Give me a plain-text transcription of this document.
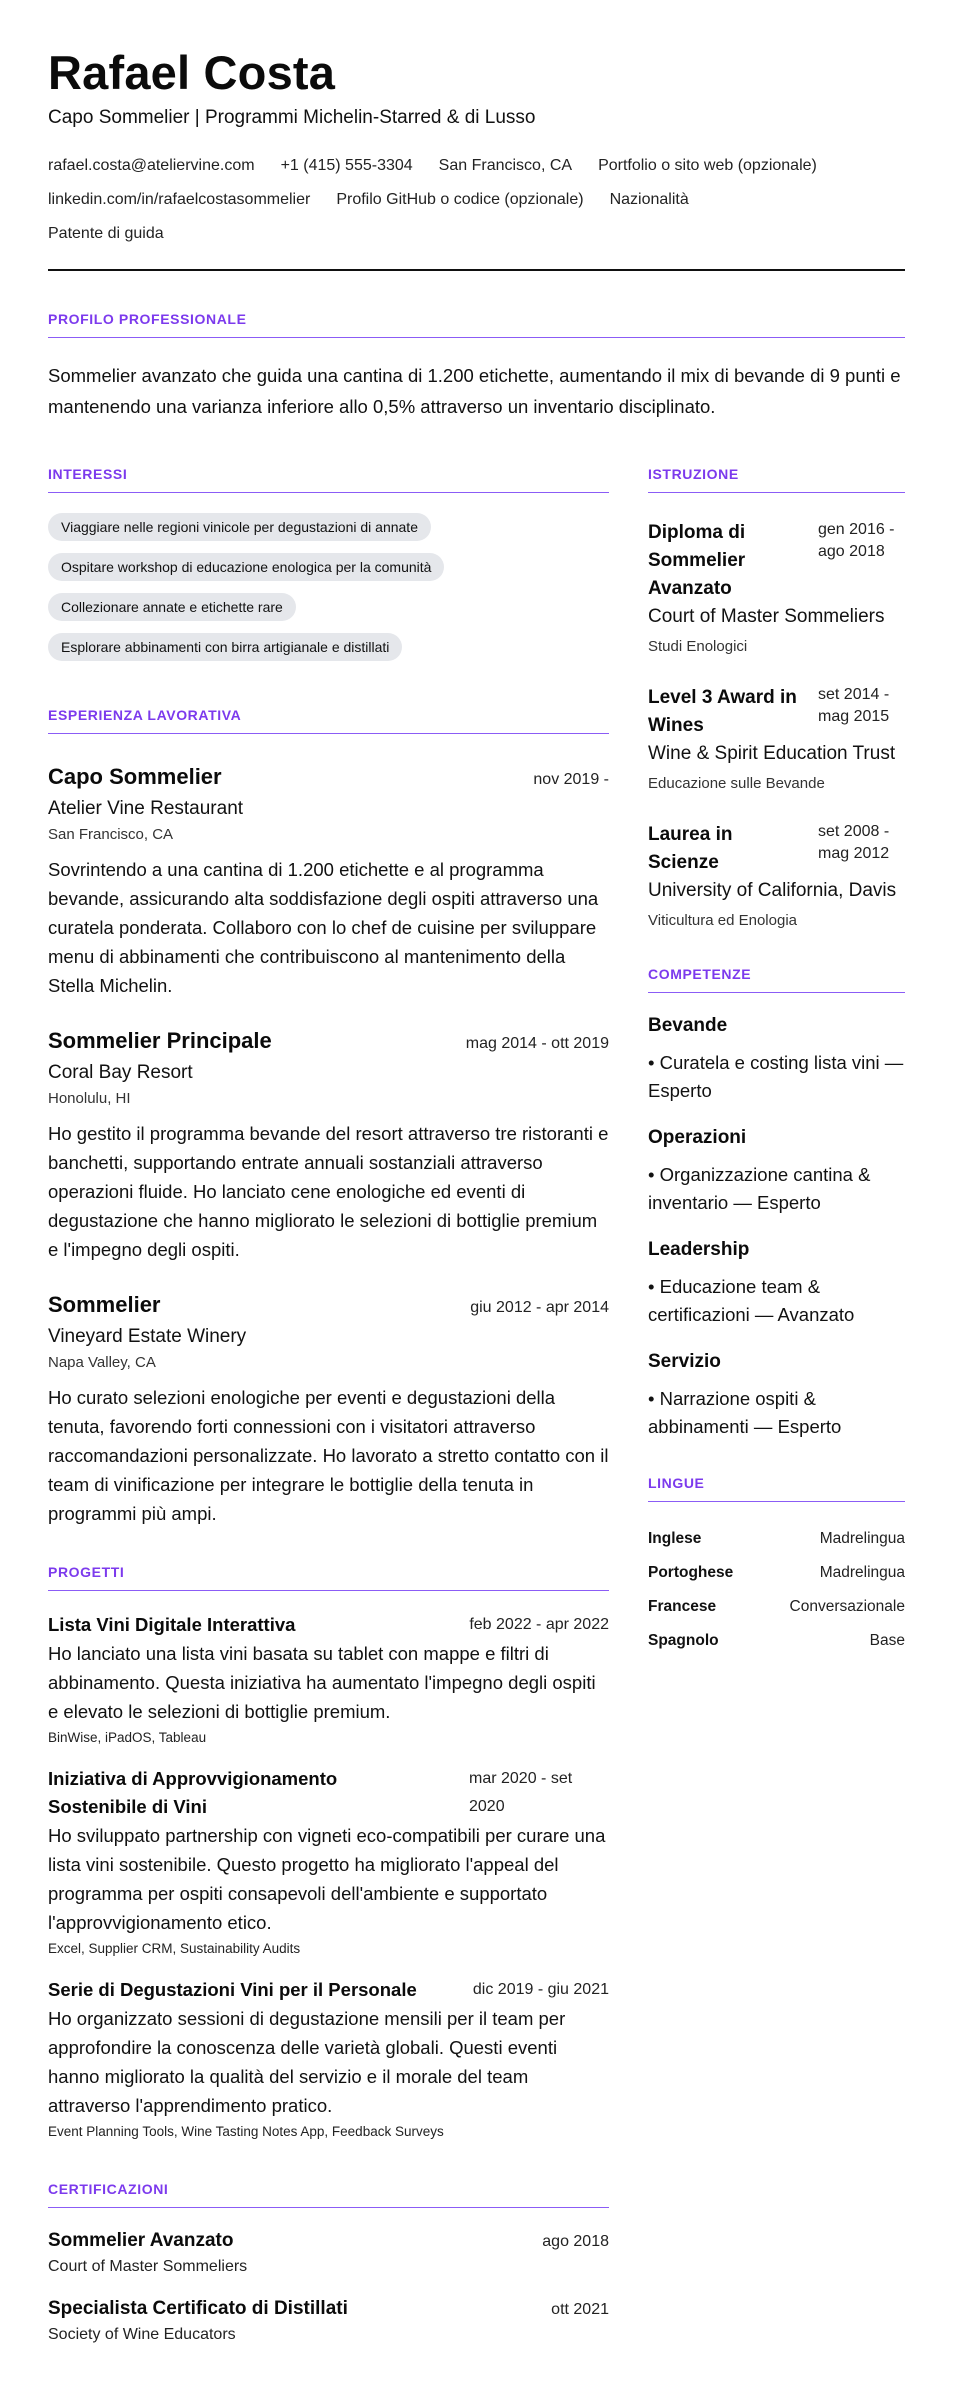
Rafael Costa
Capo Sommelier | Programmi Michelin-Starred & di Lusso
rafael.costa@ateliervine.com +1 (415) 555-3304 San Francisco, CA Portfolio o sito web (opzionale)
linkedin.com/in/rafaelcostasommelier Profilo GitHub o codice (opzionale) Nazionalità
Patente di guida
PROFILO PROFESSIONALE

Sommelier avanzato che guida una cantina di 1.200 etichette, aumentando il mix di bevande di 9 punti e mantenendo una varianza inferiore allo 0,5% attraverso un inventario disciplinato.

INTERESSI
Viaggiare nelle regioni vinicole per degustazioni di annate
Ospitare workshop di educazione enologica per la comunità
Collezionare annate e etichette rare
Esplorare abbinamenti con birra artigianale e distillati
ESPERIENZA LAVORATIVA
Capo Sommelier	nov 2019 -
Atelier Vine Restaurant
San Francisco, CA

Sovrintendo a una cantina di 1.200 etichette e al programma bevande, assicurando alta soddisfazione degli ospiti attraverso una curatela ponderata. Collaboro con lo chef de cuisine per sviluppare menu di abbinamenti che contribuiscono al mantenimento della Stella Michelin.

Sommelier Principale	mag 2014 - ott 2019
Coral Bay Resort
Honolulu, HI

Ho gestito il programma bevande del resort attraverso tre ristoranti e banchetti, supportando entrate annuali sostanziali attraverso operazioni fluide. Ho lanciato cene enologiche ed eventi di degustazione che hanno migliorato le selezioni di bottiglie premium e l'impegno degli ospiti.

Sommelier	giu 2012 - apr 2014
Vineyard Estate Winery
Napa Valley, CA

Ho curato selezioni enologiche per eventi e degustazioni della tenuta, favorendo forti connessioni con i visitatori attraverso raccomandazioni personalizzate. Ho lavorato a stretto contatto con il team di vinificazione per integrare le bottiglie della tenuta in programmi più ampi.

PROGETTI
Lista Vini Digitale Interattiva	feb 2022 - apr 2022

Ho lanciato una lista vini basata su tablet con mappe e filtri di abbinamento. Questa iniziativa ha aumentato l'impegno degli ospiti e elevato le selezioni di bottiglie premium.

BinWise, iPadOS, Tableau
Iniziativa di Approvvigionamento Sostenibile di Vini
mar 2020 - set 2020

Ho sviluppato partnership con vigneti eco-compatibili per curare una lista vini sostenibile. Questo progetto ha migliorato l'appeal del programma per ospiti consapevoli dell'ambiente e supportato l'approvvigionamento etico.

Excel, Supplier CRM, Sustainability Audits
Serie di Degustazioni Vini per il Personale	dic 2019 - giu 2021

Ho organizzato sessioni di degustazione mensili per il team per approfondire la conoscenza delle varietà globali. Questi eventi hanno migliorato la qualità del servizio e il morale del team attraverso l'apprendimento pratico.

Event Planning Tools, Wine Tasting Notes App, Feedback Surveys
CERTIFICAZIONI
Sommelier Avanzato	ago 2018
Court of Master Sommeliers
Specialista Certificato di Distillati	ott 2021
Society of Wine Educators
ISTRUZIONE
Diploma di Sommelier Avanzato
gen 2016 - ago 2018
Court of Master Sommeliers
Studi Enologici
Level 3 Award in Wines
set 2014 - mag 2015
Wine & Spirit Education Trust
Educazione sulle Bevande
Laurea in Scienze
set 2008 - mag 2012
University of California, Davis
Viticultura ed Enologia
COMPETENZE
Bevande
• Curatela e costing lista vini — Esperto
Operazioni
• Organizzazione cantina & inventario — Esperto
Leadership
• Educazione team & certificazioni — Avanzato
Servizio
• Narrazione ospiti & abbinamenti — Esperto
LINGUE
Inglese	Madrelingua
Portoghese	Madrelingua
Francese	Conversazionale
Spagnolo	Base
